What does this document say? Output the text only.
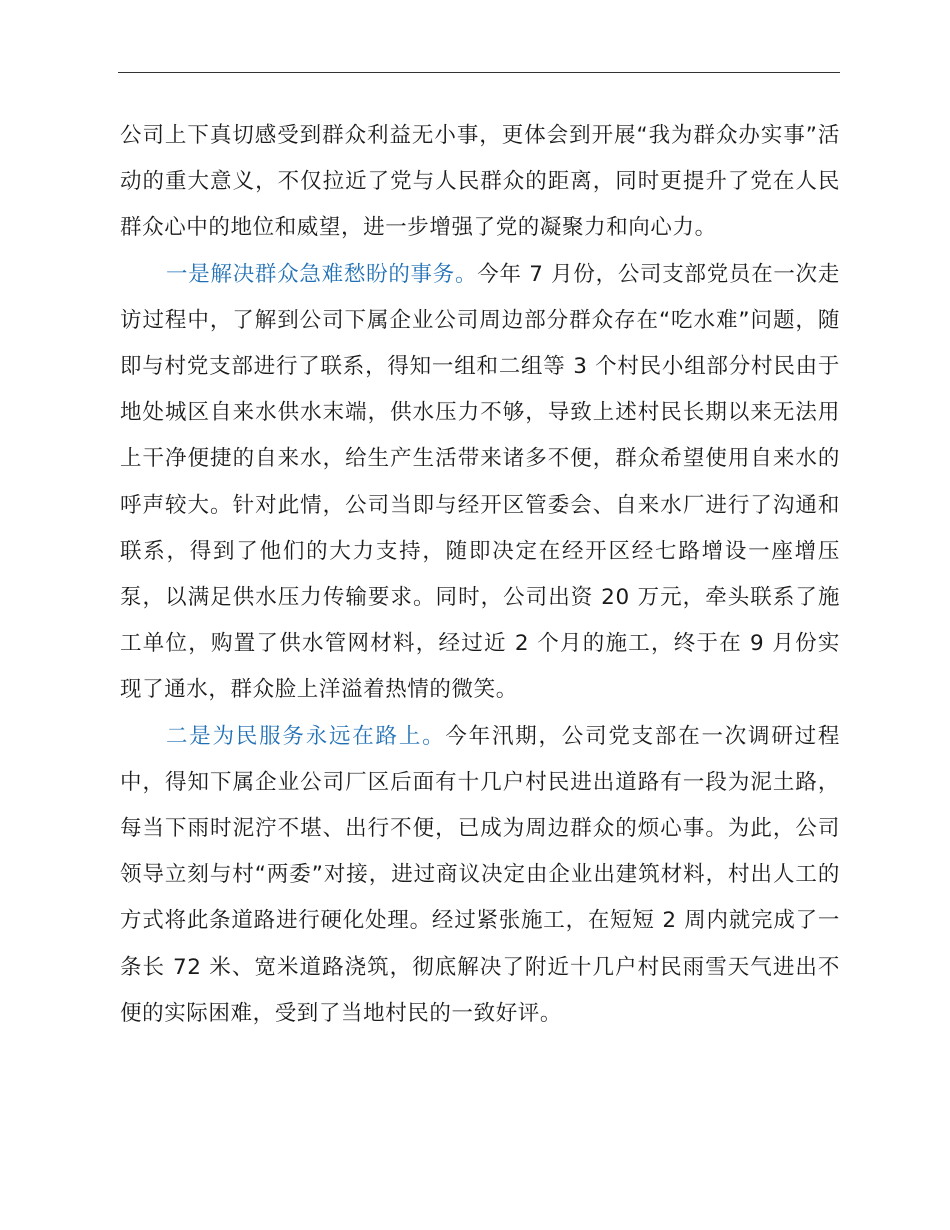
公司上下真切感受到群众利益无小事，更体会到开展“我为群众办实事”活动的重大意义，不仅拉近了党与人民群众的距离，同时更提升了党在人民群众心中的地位和威望，进一步增强了党的凝聚力和向心力。

一是解决群众急难愁盼的事务。今年 7 月份，公司支部党员在一次走访过程中，了解到公司下属企业公司周边部分群众存在“吃水难”问题，随即与村党支部进行了联系，得知一组和二组等 3 个村民小组部分村民由于地处城区自来水供水末端，供水压力不够，导致上述村民长期以来无法用上干净便捷的自来水，给生产生活带来诸多不便，群众希望使用自来水的呼声较大。针对此情，公司当即与经开区管委会、自来水厂进行了沟通和联系，得到了他们的大力支持，随即决定在经开区经七路增设一座增压泵，以满足供水压力传输要求。同时，公司出资 20 万元，牵头联系了施工单位，购置了供水管网材料，经过近 2 个月的施工，终于在 9 月份实现了通水，群众脸上洋溢着热情的微笑。

二是为民服务永远在路上。今年汛期，公司党支部在一次调研过程中，得知下属企业公司厂区后面有十几户村民进出道路有一段为泥土路，每当下雨时泥泞不堪、出行不便，已成为周边群众的烦心事。为此，公司领导立刻与村“两委”对接，进过商议决定由企业出建筑材料，村出人工的方式将此条道路进行硬化处理。经过紧张施工，在短短 2 周内就完成了一条长 72 米、宽米道路浇筑，彻底解决了附近十几户村民雨雪天气进出不便的实际困难，受到了当地村民的一致好评。
